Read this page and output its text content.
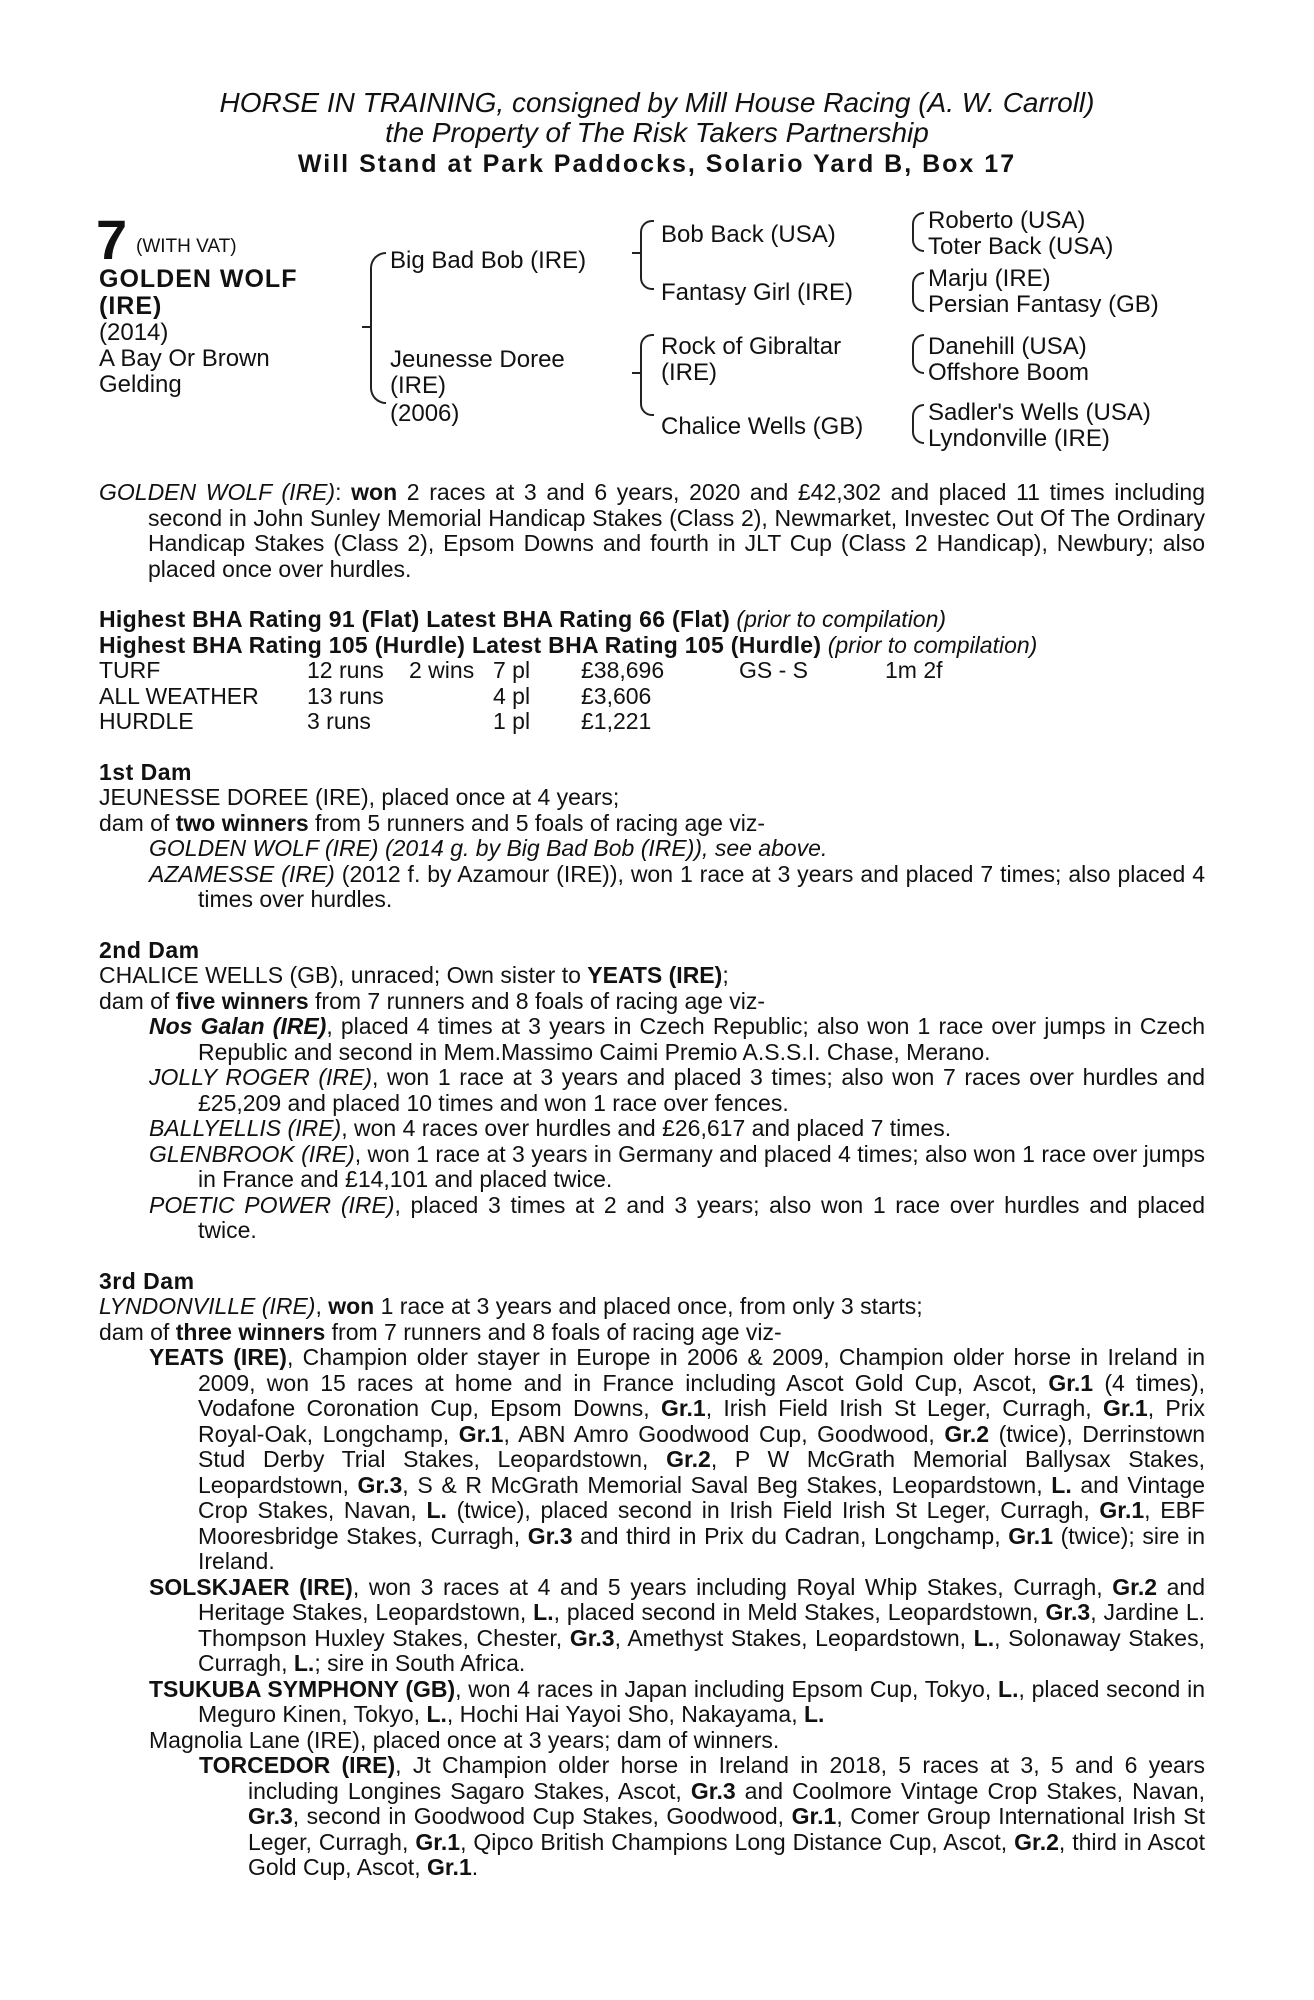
HORSE IN TRAINING, consigned by Mill House Racing (A. W. Carroll)
the Property of The Risk Takers Partnership
Will Stand at Park Paddocks, Solario Yard B, Box 17
7 (WITH VAT)
GOLDEN WOLF
(IRE)
(2014)
A Bay Or Brown
Gelding
Big Bad Bob (IRE)
Jeunesse Doree
(IRE)
(2006)
Bob Back (USA)
Fantasy Girl (IRE)
Rock of Gibraltar
(IRE)
Chalice Wells (GB)
Roberto (USA)
Toter Back (USA)
Marju (IRE)
Persian Fantasy (GB)
Danehill (USA)
Offshore Boom
Sadler's Wells (USA)
Lyndonville (IRE)

GOLDEN WOLF (IRE): won 2 races at 3 and 6 years, 2020 and £42,302 and placed 11 times including second in John Sunley Memorial Handicap Stakes (Class 2), Newmarket, Investec Out Of The Ordinary Handicap Stakes (Class 2), Epsom Downs and fourth in JLT Cup (Class 2 Handicap), Newbury; also placed once over hurdles.

Highest BHA Rating 91 (Flat) Latest BHA Rating 66 (Flat) (prior to compilation)

Highest BHA Rating 105 (Hurdle) Latest BHA Rating 105 (Hurdle) (prior to compilation)

TURF	12 runs	2 wins 7 pl	£38,696	GS - S	1m 2f
ALL WEATHER	13 runs	4 pl	£3,606
HURDLE	3 runs	1 pl	£1,221

1st Dam

JEUNESSE DOREE (IRE), placed once at 4 years;

dam of two winners from 5 runners and 5 foals of racing age viz-

GOLDEN WOLF (IRE) (2014 g. by Big Bad Bob (IRE)), see above.

AZAMESSE (IRE) (2012 f. by Azamour (IRE)), won 1 race at 3 years and placed 7 times; also placed 4 times over hurdles.

2nd Dam

CHALICE WELLS (GB), unraced; Own sister to YEATS (IRE);

dam of five winners from 7 runners and 8 foals of racing age viz-

Nos Galan (IRE), placed 4 times at 3 years in Czech Republic; also won 1 race over jumps in Czech Republic and second in Mem.Massimo Caimi Premio A.S.S.I. Chase, Merano.

JOLLY ROGER (IRE), won 1 race at 3 years and placed 3 times; also won 7 races over hurdles and £25,209 and placed 10 times and won 1 race over fences.

BALLYELLIS (IRE), won 4 races over hurdles and £26,617 and placed 7 times.

GLENBROOK (IRE), won 1 race at 3 years in Germany and placed 4 times; also won 1 race over jumps in France and £14,101 and placed twice.

POETIC POWER (IRE), placed 3 times at 2 and 3 years; also won 1 race over hurdles and placed twice.

3rd Dam

LYNDONVILLE (IRE), won 1 race at 3 years and placed once, from only 3 starts;

dam of three winners from 7 runners and 8 foals of racing age viz-

YEATS (IRE), Champion older stayer in Europe in 2006 & 2009, Champion older horse in Ireland in 2009, won 15 races at home and in France including Ascot Gold Cup, Ascot, Gr.1 (4 times), Vodafone Coronation Cup, Epsom Downs, Gr.1, Irish Field Irish St Leger, Curragh, Gr.1, Prix Royal-Oak, Longchamp, Gr.1, ABN Amro Goodwood Cup, Goodwood, Gr.2 (twice), Derrinstown Stud Derby Trial Stakes, Leopardstown, Gr.2, P W McGrath Memorial Ballysax Stakes, Leopardstown, Gr.3, S & R McGrath Memorial Saval Beg Stakes, Leopardstown, L. and Vintage Crop Stakes, Navan, L. (twice), placed second in Irish Field Irish St Leger, Curragh, Gr.1, EBF Mooresbridge Stakes, Curragh, Gr.3 and third in Prix du Cadran, Longchamp, Gr.1 (twice); sire in Ireland.

SOLSKJAER (IRE), won 3 races at 4 and 5 years including Royal Whip Stakes, Curragh, Gr.2 and Heritage Stakes, Leopardstown, L., placed second in Meld Stakes, Leopardstown, Gr.3, Jardine L. Thompson Huxley Stakes, Chester, Gr.3, Amethyst Stakes, Leopardstown, L., Solonaway Stakes, Curragh, L.; sire in South Africa.

TSUKUBA SYMPHONY (GB), won 4 races in Japan including Epsom Cup, Tokyo, L., placed second in Meguro Kinen, Tokyo, L., Hochi Hai Yayoi Sho, Nakayama, L.

Magnolia Lane (IRE), placed once at 3 years; dam of winners.

TORCEDOR (IRE), Jt Champion older horse in Ireland in 2018, 5 races at 3, 5 and 6 years including Longines Sagaro Stakes, Ascot, Gr.3 and Coolmore Vintage Crop Stakes, Navan, Gr.3, second in Goodwood Cup Stakes, Goodwood, Gr.1, Comer Group International Irish St Leger, Curragh, Gr.1, Qipco British Champions Long Distance Cup, Ascot, Gr.2, third in Ascot Gold Cup, Ascot, Gr.1.
